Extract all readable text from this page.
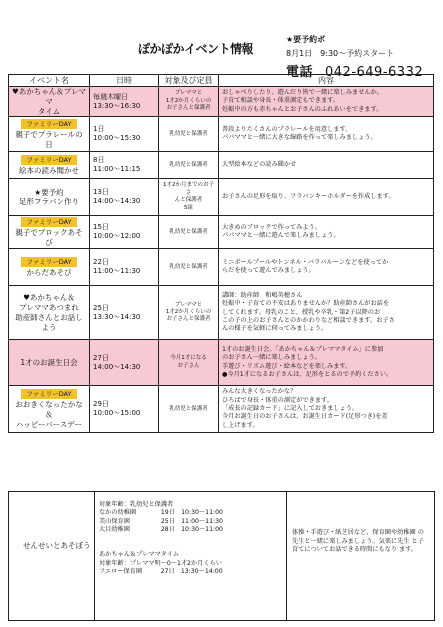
ぽかぽかイベント情報
★要予約ボ
8月1日　9:30～予約スタート
電話 042-649-6332
イベント名	日時	対象及び定員	内容
♥あかちゃん＆プレママ
タイム	毎週木曜日
13:30～16:30	プレママと
1才2か月くらいの
お子さんと保護者	おしゃべりしたり、遊んだり皆で一緒に楽しみませんか。
子育て相談や身長・体重測定もできます。
妊娠中の方も赤ちゃんとお子さんのふれあいをできます。

ファミリーDAY
親子でプラレールの日	1日
10:00～15:30	乳幼児と保護者	普段よりたくさんのプラレールを用意します。
パパママと一緒に大きな線路を作って楽しみましょう。

ファミリーDAY
絵本の読み聞かせ	8日
11:00～11:15	乳幼児と保護者	大型絵本などの読み聞かせ
★要予約
足形フラバン作り	13日
14:00～14:30	1才2か月までのお子さ
んと保護者
5組	お子さんの足形を取り、フラバンキーホルダーを作成します。

ファミリーDAY
親子でブロックあそび	15日
10:00～12:00	乳幼児と保護者	大きめのブロックで作ってみよう。
パパママと一緒に遊んで楽しみましょう。

ファミリーDAY
からだあそび	22日
11:00～11:30	乳幼児と保護者	ミニボールプールやトンネル・バラバルーンなどを使ってか
らだを使って遊んでみましょう。
♥あかちゃん＆
プレママあつまれ
助産師さんとお話しよう	25日
13:30～14:30	プレママと
1才2か月くらいの
お子さんと保護者	講師：助産師　和嶋英穂さん
妊娠中・子育ての不安はありませんか？助産師さんがお話を
してくれます。母乳のこと、授乳や卒乳・第2子以降のお
この子の上のお子さんとのかかわりなど相談できます。お子さ
んの様子を気軽に伺ってみましょう。
1才のお誕生日会	27日
14:00～14:30	今月1才になる
お子さん	1才のお誕生日会。「あかちゃん＆プレママタイム」に参加
のお子さん一緒に楽しみましょう。
手遊び・リズム遊び・絵本などを楽しみます。
●今月1才になるお子さんは、足形をとるので予約ください。

ファミリーDAY
おおきくなったかな
＆
ハッピーバースデー	29日
10:00～15:00	乳幼児と保護者	みんな大きくなったかな？
ひろばで身長・体重の測定ができます。
「成長の記録カード」に記入しておきましょう。
今月お誕生日のお子さんは、お誕生日カード(足形つき)を差
し上げます。
せんせいとあそぼう
対象年齢：乳幼児と保護者
なかの幼稚園　　　　19日　10:30～11:00
美山保育園　　　　　25日　11:00～11:30
大目幼稚園　　　　　28日　10:30～11:00

あかちゃん＆プレママタイム
対象年齢：プレママ明～0～1才2か月くらい
フエロー保育園　　　27日　13:30～14:00
体操・手遊び・紙芝居など、保育園や幼稚園 の先生と一緒に楽しみましょう。気楽に先生 と子育てについてお話できる時間にもなり ます。
